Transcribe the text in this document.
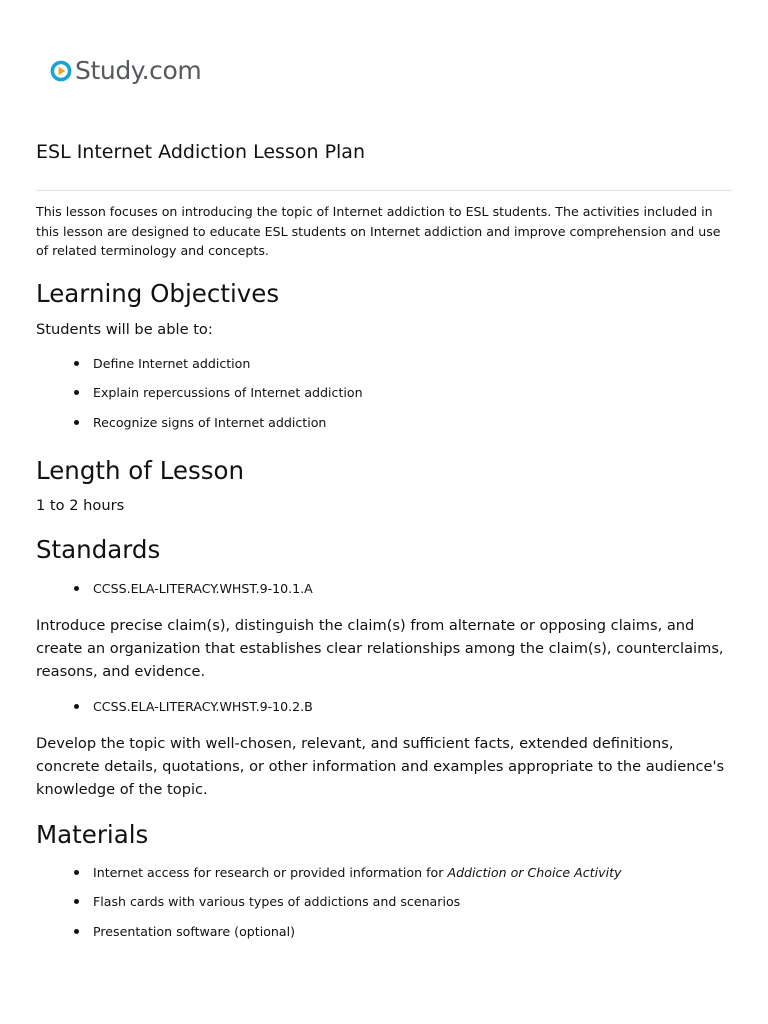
Study.com
ESL Internet Addiction Lesson Plan

This lesson focuses on introducing the topic of Internet addiction to ESL students. The activities included in this lesson are designed to educate ESL students on Internet addiction and improve comprehension and use of related terminology and concepts.

Learning Objectives

Students will be able to:

Define Internet addiction
Explain repercussions of Internet addiction
Recognize signs of Internet addiction
Length of Lesson

1 to 2 hours

Standards
CCSS.ELA-LITERACY.WHST.9-10.1.A

Introduce precise claim(s), distinguish the claim(s) from alternate or opposing claims, and create an organization that establishes clear relationships among the claim(s), counterclaims, reasons, and evidence.

CCSS.ELA-LITERACY.WHST.9-10.2.B

Develop the topic with well-chosen, relevant, and sufficient facts, extended definitions, concrete details, quotations, or other information and examples appropriate to the audience's knowledge of the topic.

Materials
Internet access for research or provided information for Addiction or Choice Activity
Flash cards with various types of addictions and scenarios
Presentation software (optional)
